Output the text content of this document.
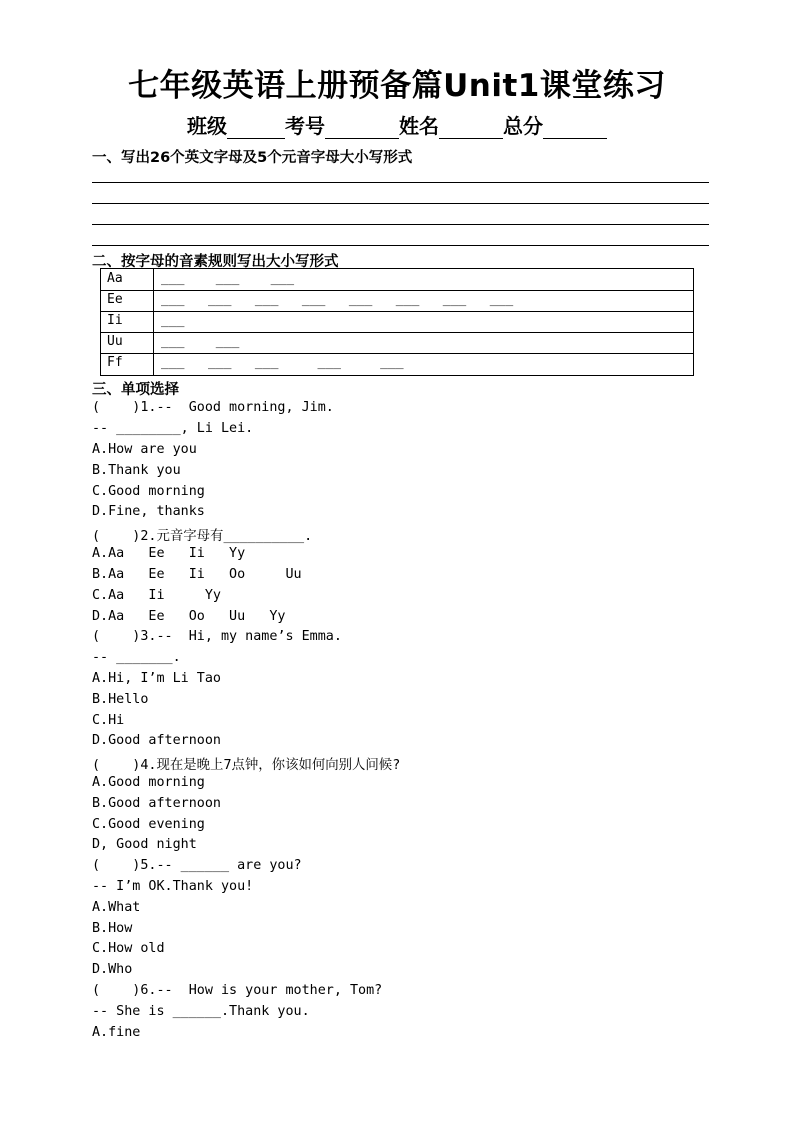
七年级英语上册预备篇Unit1课堂练习
班级	考号	姓名	总分
一、写出26个英文字母及5个元音字母大小写形式
二、按字母的音素规则写出大小写形式
Aa	___    ___    ___
Ee	___   ___   ___   ___   ___   ___   ___   ___
Ii	___
Uu	___    ___
Ff	___   ___   ___     ___     ___
三、单项选择
(    )1.--  Good morning, Jim.
-- ________, Li Lei.
A.How are you
B.Thank you
C.Good morning
D.Fine, thanks
(    )2.元音字母有__________.
A.Aa   Ee   Ii   Yy
B.Aa   Ee   Ii   Oo     Uu
C.Aa   Ii     Yy
D.Aa   Ee   Oo   Uu   Yy
(    )3.--  Hi, my name’s Emma.
-- _______.
A.Hi, I’m Li Tao
B.Hello
C.Hi
D.Good afternoon
(    )4.现在是晚上7点钟，你该如何向别人问候?
A.Good morning
B.Good afternoon
C.Good evening
D, Good night
(    )5.-- ______ are you?
-- I’m OK.Thank you!
A.What
B.How
C.How old
D.Who
(    )6.--  How is your mother, Tom?
-- She is ______.Thank you.
A.fine
